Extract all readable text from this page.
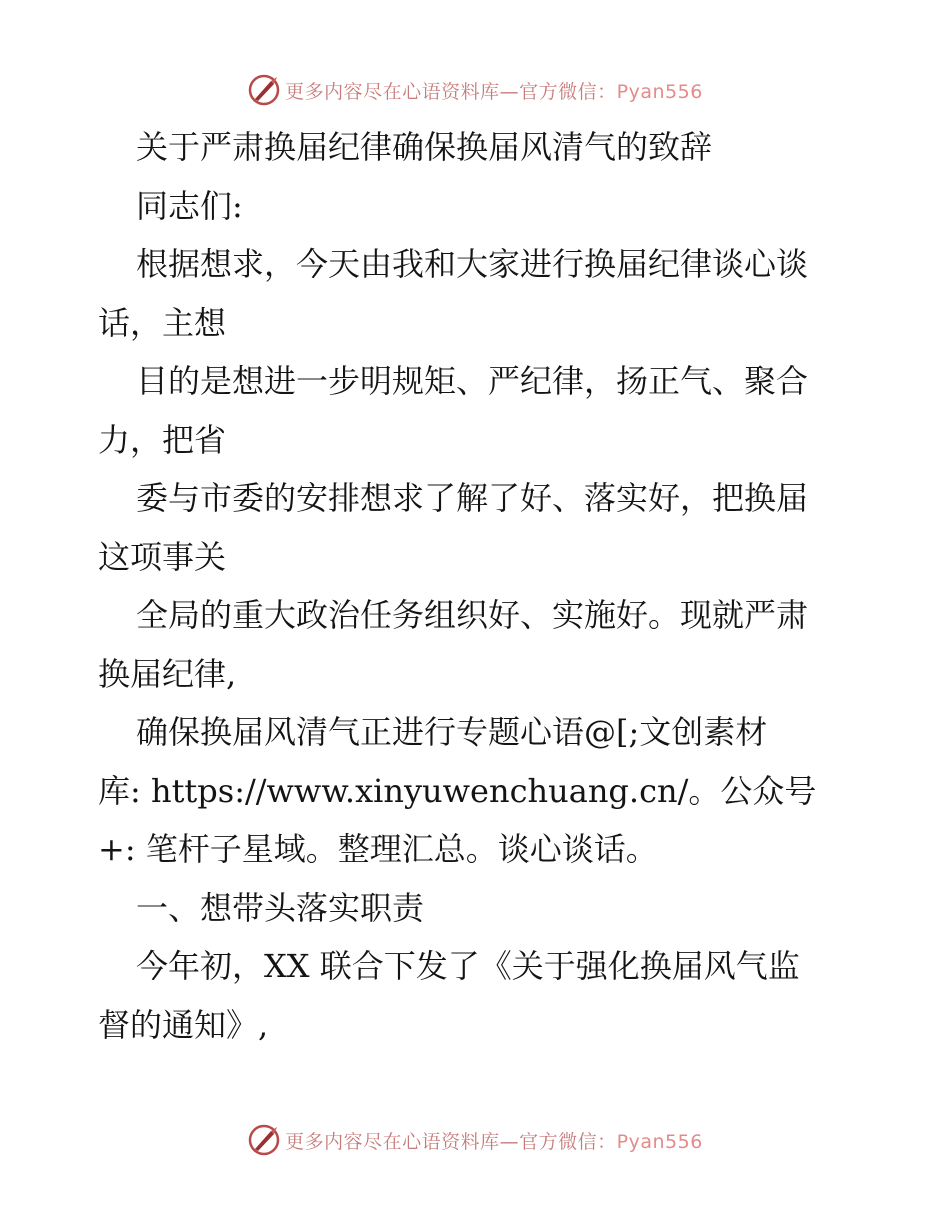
更多内容尽在心语资料库—官方微信：Pyan556

关于严肃换届纪律确保换届风清气的致辞

同志们:

根据想求，今天由我和大家进行换届纪律谈心谈

话，主想

目的是想进一步明规矩、严纪律，扬正气、聚合

力，把省

委与市委的安排想求了解了好、落实好，把换届

这项事关

全局的重大政治任务组织好、实施好。现就严肃

换届纪律,

确保换届风清气正进行专题心语@[;文创素材

库: https://www.xinyuwenchuang.cn/。公众号

+: 笔杆子星域。整理汇总。谈心谈话。

一、想带头落实职责

今年初，XX 联合下发了《关于强化换届风气监

督的通知》,

更多内容尽在心语资料库—官方微信：Pyan556
